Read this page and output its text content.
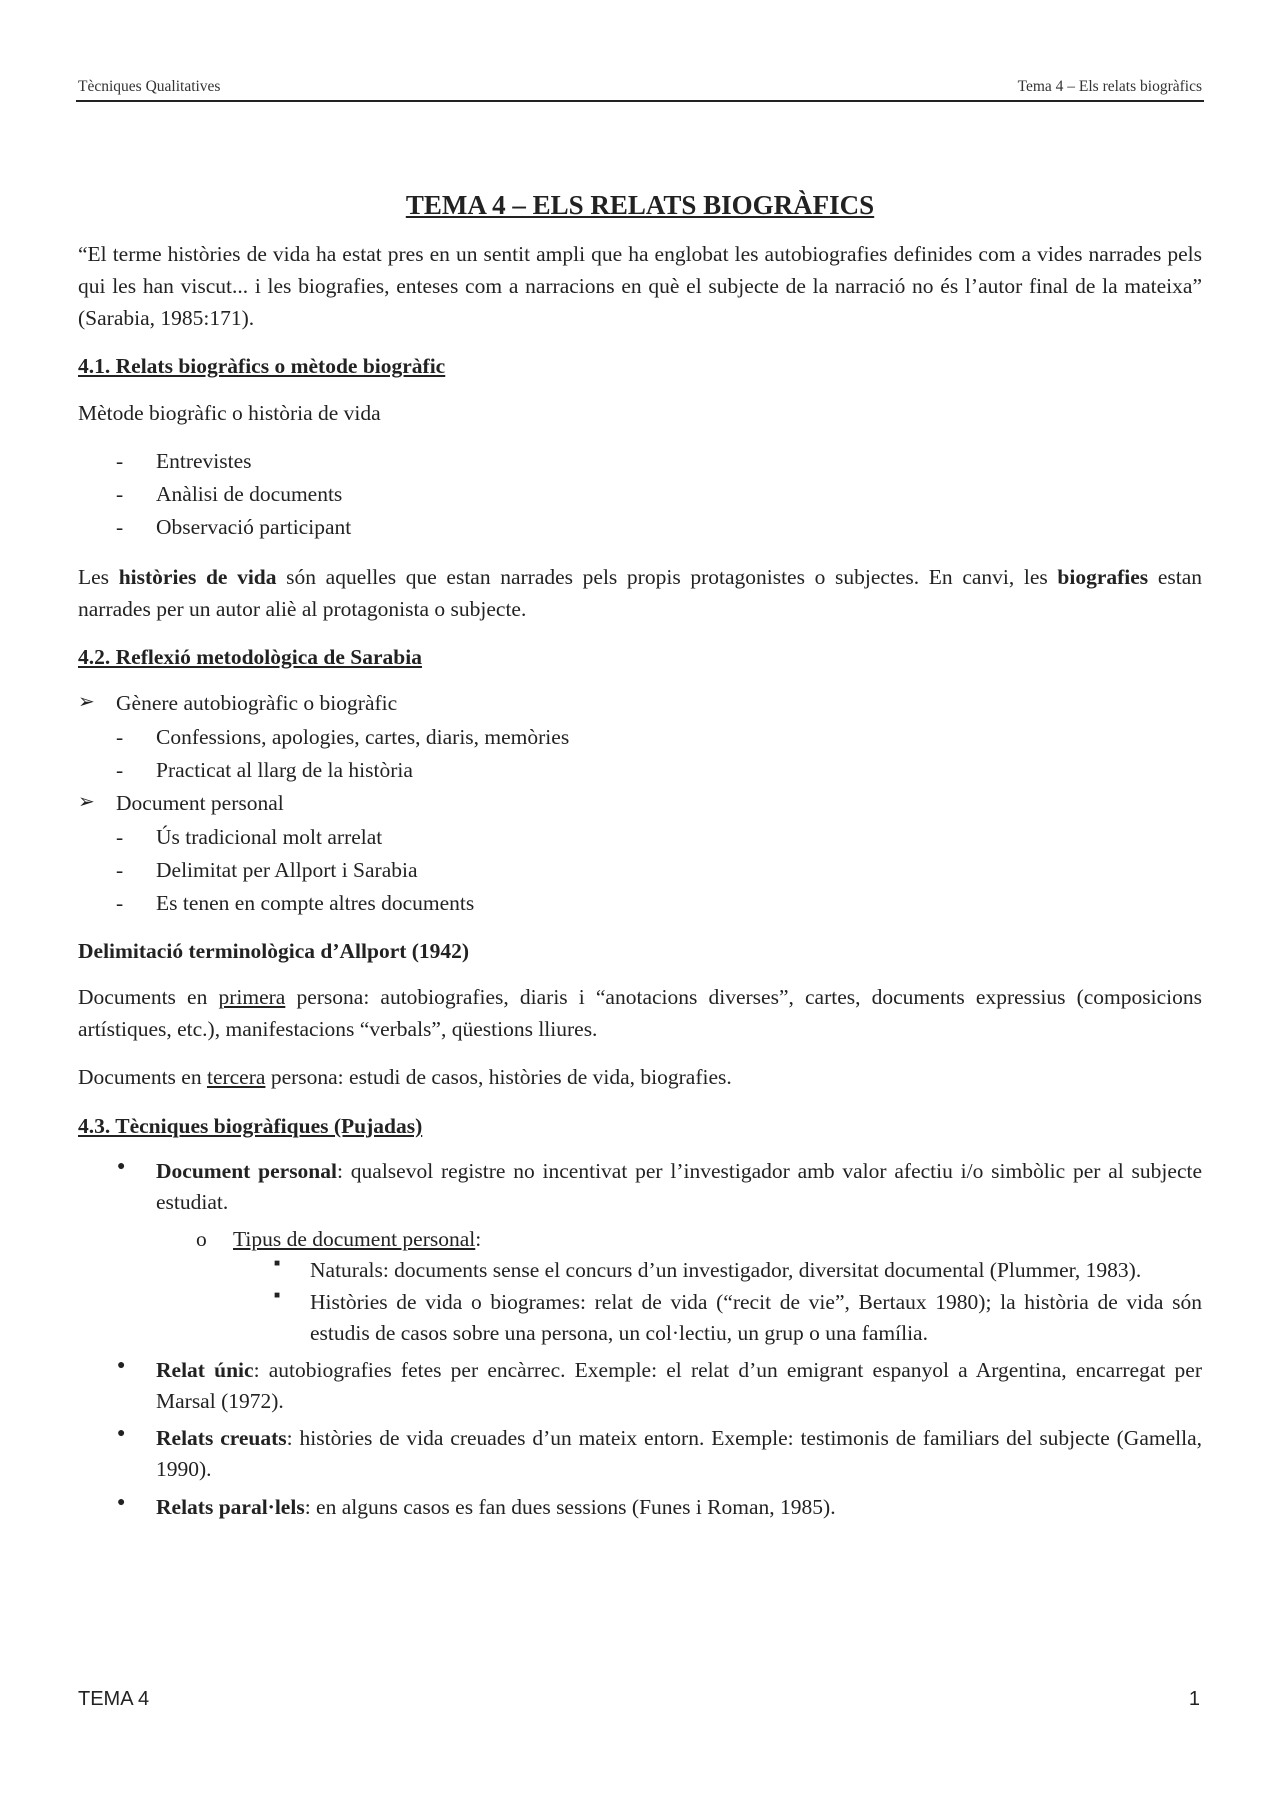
Tècniques Qualitatives	Tema 4 – Els relats biogràfics
TEMA 4 – ELS RELATS BIOGRÀFICS

“El terme històries de vida ha estat pres en un sentit ampli que ha englobat les autobiografies definides com a vides narrades pels qui les han viscut... i les biografies, enteses com a narracions en què el subjecte de la narració no és l’autor final de la mateixa” (Sarabia, 1985:171).

4.1. Relats biogràfics o mètode biogràfic

Mètode biogràfic o història de vida

- Entrevistes
- Anàlisi de documents
- Observació participant

Les històries de vida són aquelles que estan narrades pels propis protagonistes o subjectes. En canvi, les biografies estan narrades per un autor aliè al protagonista o subjecte.

4.2. Reflexió metodològica de Sarabia
➢ Gènere autobiogràfic o biogràfic
- Confessions, apologies, cartes, diaris, memòries
- Practicat al llarg de la història
➢ Document personal
- Ús tradicional molt arrelat
- Delimitat per Allport i Sarabia
- Es tenen en compte altres documents
Delimitació terminològica d’Allport (1942)

Documents en primera persona: autobiografies, diaris i “anotacions diverses”, cartes, documents expressius (composicions artístiques, etc.), manifestacions “verbals”, qüestions lliures.

Documents en tercera persona: estudi de casos, històries de vida, biografies.

4.3. Tècniques biogràfiques (Pujadas)
● Document personal: qualsevol registre no incentivat per l’investigador amb valor afectiu i/o simbòlic per al subjecte estudiat.
o Tipus de document personal:
■ Naturals: documents sense el concurs d’un investigador, diversitat documental (Plummer, 1983).
■ Històries de vida o biogrames: relat de vida (“recit de vie”, Bertaux 1980); la història de vida són estudis de casos sobre una persona, un col·lectiu, un grup o una família.
● Relat únic: autobiografies fetes per encàrrec. Exemple: el relat d’un emigrant espanyol a Argentina, encarregat per Marsal (1972).
● Relats creuats: històries de vida creuades d’un mateix entorn. Exemple: testimonis de familiars del subjecte (Gamella, 1990).
● Relats paral·lels: en alguns casos es fan dues sessions (Funes i Roman, 1985).
TEMA 4	1
